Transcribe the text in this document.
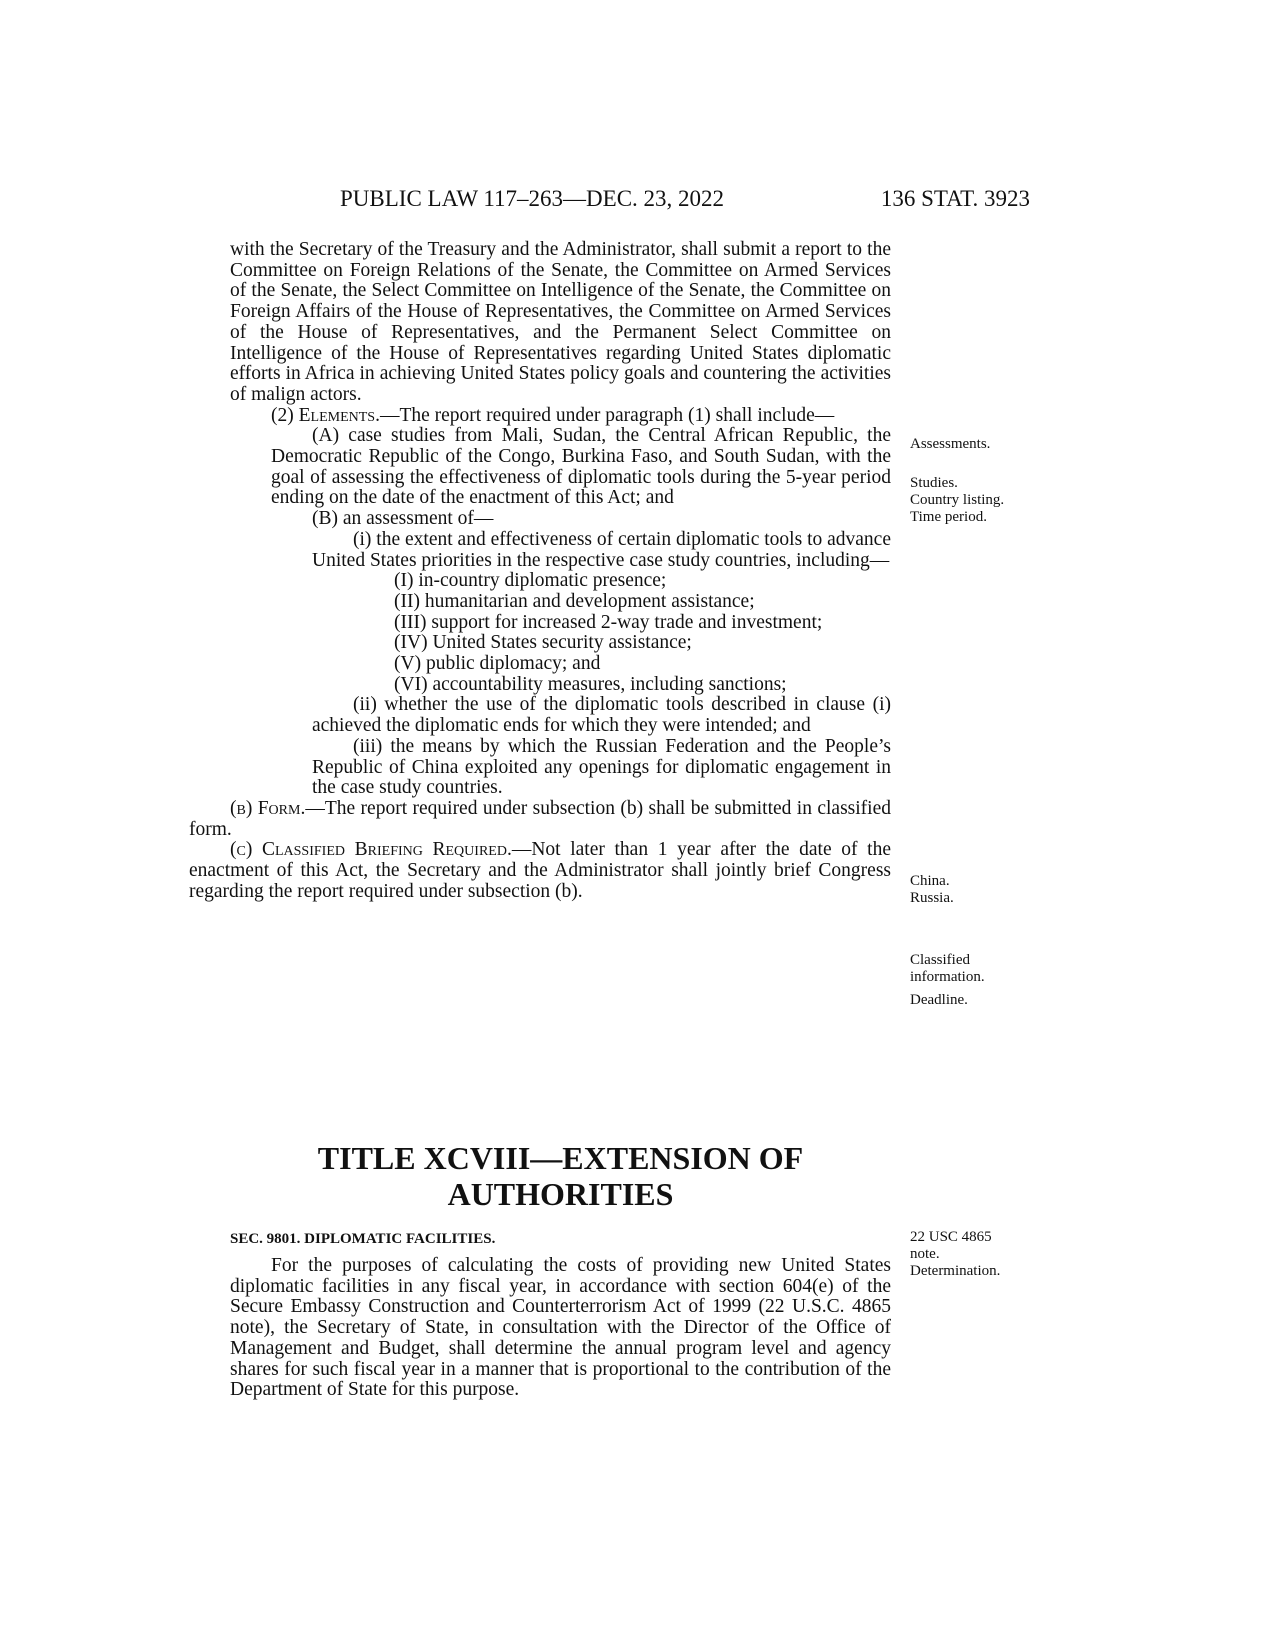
PUBLIC LAW 117–263—DEC. 23, 2022	136 STAT. 3923

with the Secretary of the Treasury and the Administrator, shall submit a report to the Committee on Foreign Relations of the Senate, the Committee on Armed Services of the Senate, the Select Committee on Intelligence of the Senate, the Committee on Foreign Affairs of the House of Representatives, the Committee on Armed Services of the House of Representatives, and the Permanent Select Committee on Intelligence of the House of Representatives regarding United States diplomatic efforts in Africa in achieving United States policy goals and countering the activities of malign actors.

(2) Elements.—The report required under paragraph (1) shall include—

(A) case studies from Mali, Sudan, the Central African Republic, the Democratic Republic of the Congo, Burkina Faso, and South Sudan, with the goal of assessing the effectiveness of diplomatic tools during the 5-year period ending on the date of the enactment of this Act; and

(B) an assessment of—

(i) the extent and effectiveness of certain diplomatic tools to advance United States priorities in the respective case study countries, including—

(I) in-country diplomatic presence;

(II) humanitarian and development assistance;

(III) support for increased 2-way trade and investment;

(IV) United States security assistance;

(V) public diplomacy; and

(VI) accountability measures, including sanctions;

(ii) whether the use of the diplomatic tools described in clause (i) achieved the diplomatic ends for which they were intended; and

(iii) the means by which the Russian Federation and the People’s Republic of China exploited any openings for diplomatic engagement in the case study countries.

(b) Form.—The report required under subsection (b) shall be submitted in classified form.

(c) Classified Briefing Required.—Not later than 1 year after the date of the enactment of this Act, the Secretary and the Administrator shall jointly brief Congress regarding the report required under subsection (b).

TITLE XCVIII—EXTENSION OF
AUTHORITIES
SEC. 9801. DIPLOMATIC FACILITIES.

For the purposes of calculating the costs of providing new United States diplomatic facilities in any fiscal year, in accordance with section 604(e) of the Secure Embassy Construction and Counterterrorism Act of 1999 (22 U.S.C. 4865 note), the Secretary of State, in consultation with the Director of the Office of Management and Budget, shall determine the annual program level and agency shares for such fiscal year in a manner that is proportional to the contribution of the Department of State for this purpose.

Assessments.
Studies.
Country listing.
Time period.
China.
Russia.
Classified
information.
Deadline.
22 USC 4865
note.
Determination.
